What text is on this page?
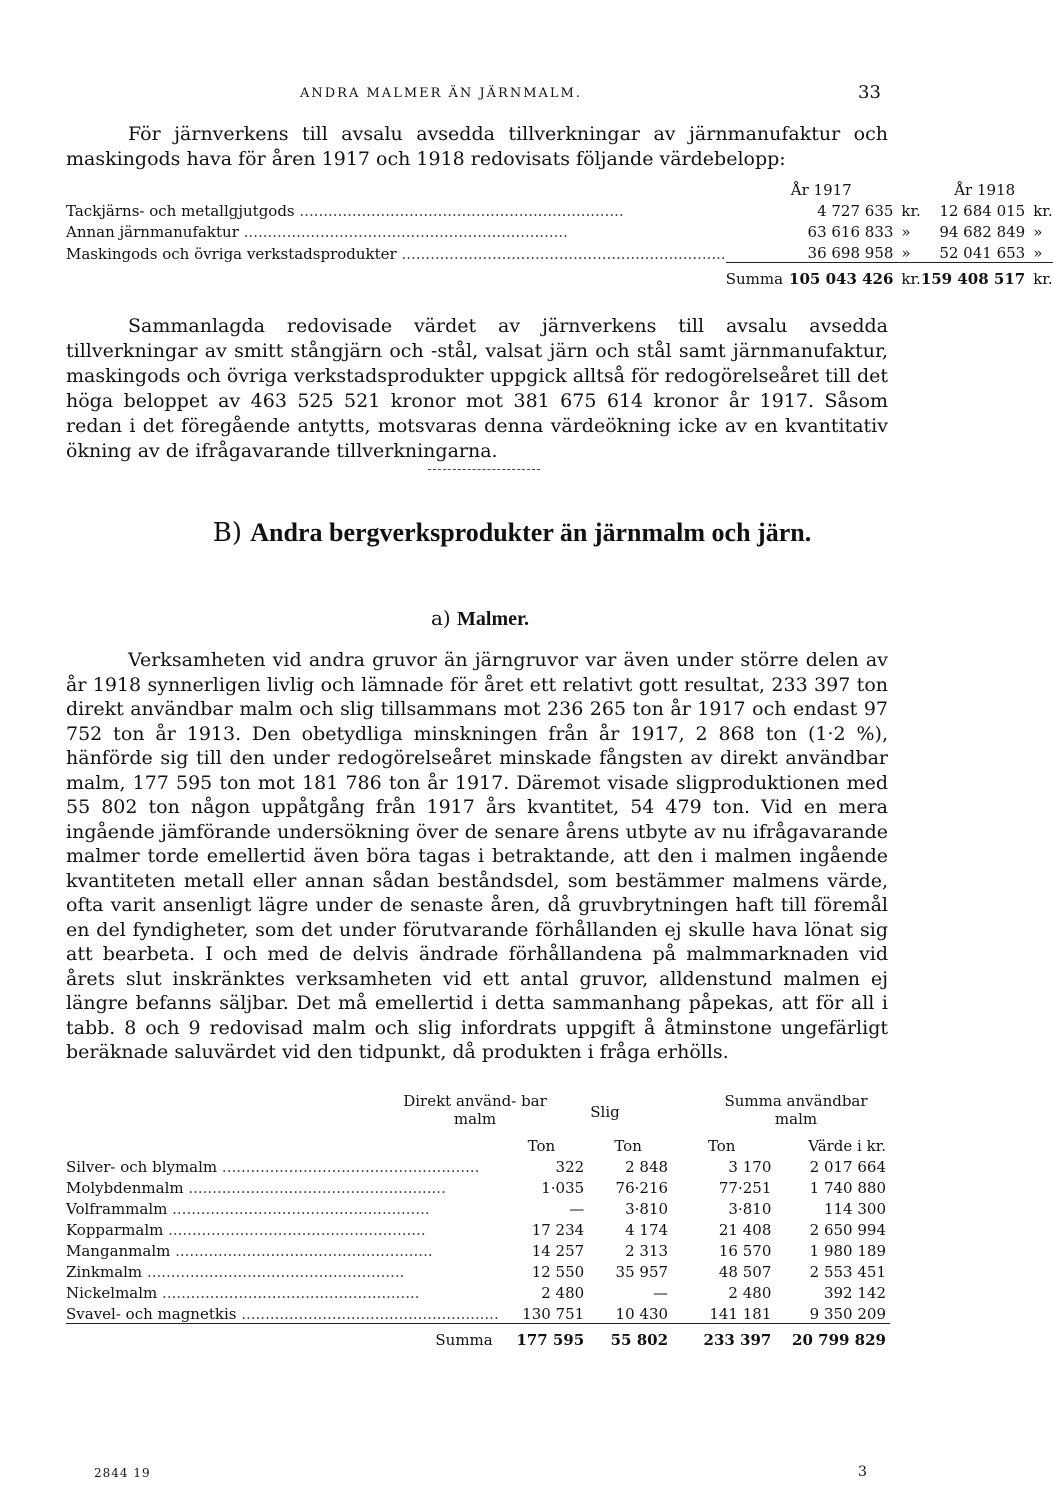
ANDRA MALMER ÄN JÄRNMALM.	33

För järnverkens till avsalu avsedda tillverkningar av järnmanufaktur och maskingods hava för åren 1917 och 1918 redovisats följande värdebelopp:

	År 1917		År 1918	
Tackjärns- och metallgjutgods ....................................................................	4 727 635	kr.	12 684 015	kr.
Annan järnmanufaktur ....................................................................	63 616 833	»	94 682 849	»
Maskingods och övriga verkstadsprodukter ....................................................................	36 698 958	»	52 041 653	»
	Summa 105 043 426	kr.	159 408 517	kr.

Sammanlagda redovisade värdet av järnverkens till avsalu avsedda tillverkningar av smitt stångjärn och -stål, valsat järn och stål samt järnmanufaktur, maskingods och övriga verkstadsprodukter uppgick alltså för redogörelseåret till det höga beloppet av 463 525 521 kronor mot 381 675 614 kronor år 1917. Såsom redan i det föregående antytts, motsvaras denna värdeökning icke av en kvantitativ ökning av de ifrågavarande tillverkningarna.

B) Andra bergverksprodukter än järnmalm och järn.
a) Malmer.

Verksamheten vid andra gruvor än järngruvor var även under större delen av år 1918 synnerligen livlig och lämnade för året ett relativt gott resultat, 233 397 ton direkt användbar malm och slig tillsammans mot 236 265 ton år 1917 och endast 97 752 ton år 1913. Den obetydliga minskningen från år 1917, 2 868 ton (1·2 %), hänförde sig till den under redogörelseåret minskade fångsten av direkt användbar malm, 177 595 ton mot 181 786 ton år 1917. Däremot visade sligproduktionen med 55 802 ton någon uppåtgång från 1917 års kvantitet, 54 479 ton. Vid en mera ingående jämförande undersökning över de senare årens utbyte av nu ifrågavarande malmer torde emellertid även böra tagas i betraktande, att den i malmen ingående kvantiteten metall eller annan sådan beståndsdel, som bestämmer malmens värde, ofta varit ansenligt lägre under de senaste åren, då gruvbrytningen haft till föremål en del fyndigheter, som det under förutvarande förhållanden ej skulle hava lönat sig att bearbeta. I och med de delvis ändrade förhållandena på malmmarknaden vid årets slut inskränktes verksamheten vid ett antal gruvor, alldenstund malmen ej längre befanns säljbar. Det må emellertid i detta sammanhang påpekas, att för all i tabb. 8 och 9 redovisad malm och slig infordrats uppgift å åtminstone ungefärligt beräknade saluvärdet vid den tidpunkt, då produkten i fråga erhölls.

Direkt använd- bar malm	Slig
Summa användbar malm
	Ton	Ton	Ton	Värde i kr.
Silver- och blymalm ......................................................	322	2 848	3 170	2 017 664
Molybdenmalm ......................................................	1·035	76·216	77·251	1 740 880
Volframmalm ......................................................	—	3·810	3·810	114 300
Kopparmalm ......................................................	17 234	4 174	21 408	2 650 994
Manganmalm ......................................................	14 257	2 313	16 570	1 980 189
Zinkmalm ......................................................	12 550	35 957	48 507	2 553 451
Nickelmalm ......................................................	2 480	—	2 480	392 142
Svavel- och magnetkis ......................................................	130 751	10 430	141 181	9 350 209
Summa	177 595	55 802	233 397	20 799 829
2844 19	3
